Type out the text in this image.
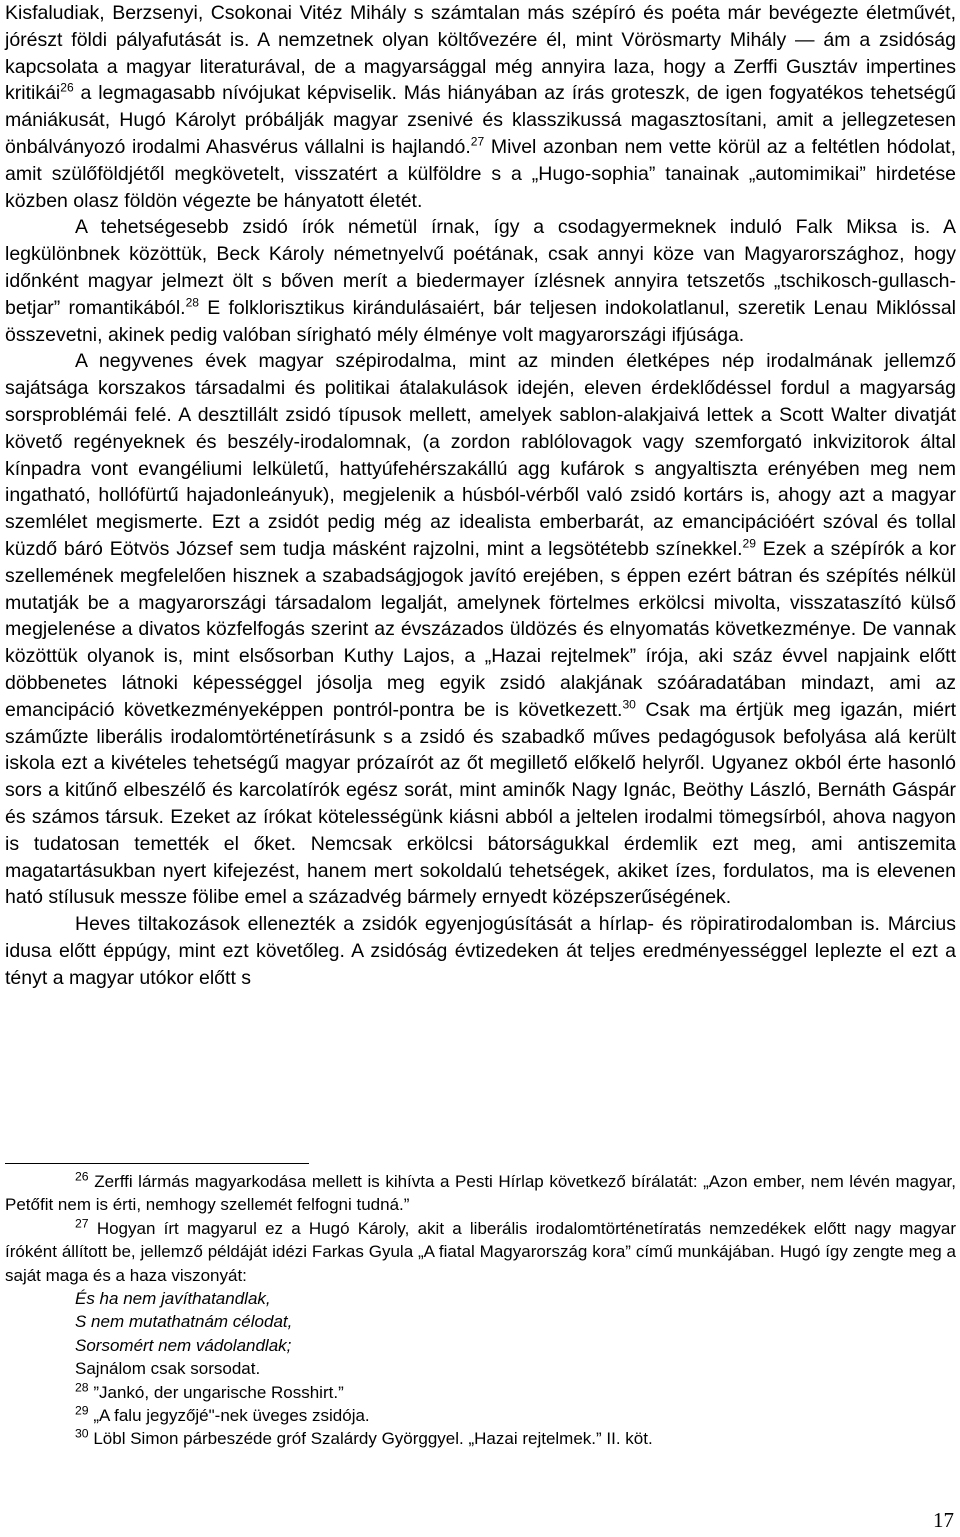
Kisfaludiak, Berzsenyi, Csokonai Vitéz Mihály s számtalan más szépíró és poéta már bevégezte életművét, jórészt földi pályafutását is. A nemzetnek olyan költővezére él, mint Vörösmarty Mihály — ám a zsidóság kapcsolata a magyar literaturával, de a magyarsággal még annyira laza, hogy a Zerffi Gusztáv impertines kritikái$^{26}$ a legmagasabb nívójukat képviselik. Más hiányában az írás groteszk, de igen fogyatékos tehetségű mániákusát, Hugó Károlyt próbálják magyar zsenivé és klasszikussá magasztosítani, amit a jellegzetesen önbálványozó irodalmi Ahasvérus vállalni is hajlandó.$^{27}$ Mivel azonban nem vette körül az a feltétlen hódolat, amit szülőföldjétől megkövetelt, visszatért a külföldre s a „Hugo-sophia” tanainak „automimikai” hirdetése közben olasz földön végezte be hányatott életét.

A tehetségesebb zsidó írók németül írnak, így a csodagyermeknek induló Falk Miksa is. A legkülönbnek közöttük, Beck Károly németnyelvű poétának, csak annyi köze van Magyarországhoz, hogy időnként magyar jelmezt ölt s bőven merít a biedermayer ízlésnek annyira tetszetős „tschikosch-gullasch-betjar” romantikából.$^{28}$ E folklorisztikus kirándulásaiért, bár teljesen indokolatlanul, szeretik Lenau Miklóssal összevetni, akinek pedig valóban sírigható mély élménye volt magyarországi ifjúsága.

A negyvenes évek magyar szépirodalma, mint az minden életképes nép irodalmának jellemző sajátsága korszakos társadalmi és politikai átalakulások idején, eleven érdeklődéssel fordul a magyarság sorsproblémái felé. A desztillált zsidó típusok mellett, amelyek sablon-alakjaivá lettek a Scott Walter divatját követő regényeknek és beszély-irodalomnak, (a zordon rablólovagok vagy szemforgató inkvizitorok által kínpadra vont evangéliumi lelkületű, hattyúfehérszakállú agg kufárok s angyaltiszta erényében meg nem ingatható, hollófürtű hajadonleányuk), megjelenik a húsból-vérből való zsidó kortárs is, ahogy azt a magyar szemlélet megismerte. Ezt a zsidót pedig még az idealista emberbarát, az emancipációért szóval és tollal küzdő báró Eötvös József sem tudja másként rajzolni, mint a legsötétebb színekkel.$^{29}$ Ezek a szépírók a kor szellemének megfelelően hisznek a szabadságjogok javító erejében, s éppen ezért bátran és szépítés nélkül mutatják be a magyarországi társadalom legalját, amelynek förtelmes erkölcsi mivolta, visszataszító külső megjelenése a divatos közfelfogás szerint az évszázados üldözés és elnyomatás következménye. De vannak közöttük olyanok is, mint elsősorban Kuthy Lajos, a „Hazai rejtelmek” írója, aki száz évvel napjaink előtt döbbenetes látnoki képességgel jósolja meg egyik zsidó alakjának szóáradatában mindazt, ami az emancipáció következményeképpen pontról-pontra be is következett.$^{30}$ Csak ma értjük meg igazán, miért száműzte liberális irodalomtörténetírásunk s a zsidó és szabadkő műves pedagógusok befolyása alá került iskola ezt a kivételes tehetségű magyar prózaírót az őt megillető előkelő helyről. Ugyanez okból érte hasonló sors a kitűnő elbeszélő és karcolatírók egész sorát, mint aminők Nagy Ignác, Beöthy László, Bernáth Gáspár és számos társuk. Ezeket az írókat kötelességünk kiásni abból a jeltelen irodalmi tömegsírból, ahova nagyon is tudatosan temették el őket. Nemcsak erkölcsi bátorságukkal érdemlik ezt meg, ami antiszemita magatartásukban nyert kifejezést, hanem mert sokoldalú tehetségek, akiket ízes, fordulatos, ma is elevenen ható stílusuk messze fölibe emel a századvég bármely ernyedt középszerűségének.

Heves tiltakozások ellenezték a zsidók egyenjogúsítását a hírlap- és röpiratirodalomban is. Március idusa előtt éppúgy, mint ezt követőleg. A zsidóság évtizedeken át teljes eredményességgel leplezte el ezt a tényt a magyar utókor előtt s

$^{26}$ Zerffi lármás magyarkodása mellett is kihívta a Pesti Hírlap következő bírálatát: „Azon ember, nem lévén magyar, Petőfit nem is érti, nemhogy szellemét felfogni tudná.”

$^{27}$ Hogyan írt magyarul ez a Hugó Károly, akit a liberális irodalomtörténetíratás nemzedékek előtt nagy magyar íróként állított be, jellemző példáját idézi Farkas Gyula „A fiatal Magyarország kora” című munkájában. Hugó így zengte meg a saját maga és a haza viszonyát:

És ha nem javíthatandlak,

S nem mutathatnám célodat,

Sorsomért nem vádolandlak;

Sajnálom csak sorsodat.

$^{28}$ ”Jankó, der ungarische Rosshirt.”

$^{29}$ „A falu jegyzőjé"-nek üveges zsidója.

$^{30}$ Löbl Simon párbeszéde gróf Szalárdy Györggyel. „Hazai rejtelmek.” II. köt.

17
